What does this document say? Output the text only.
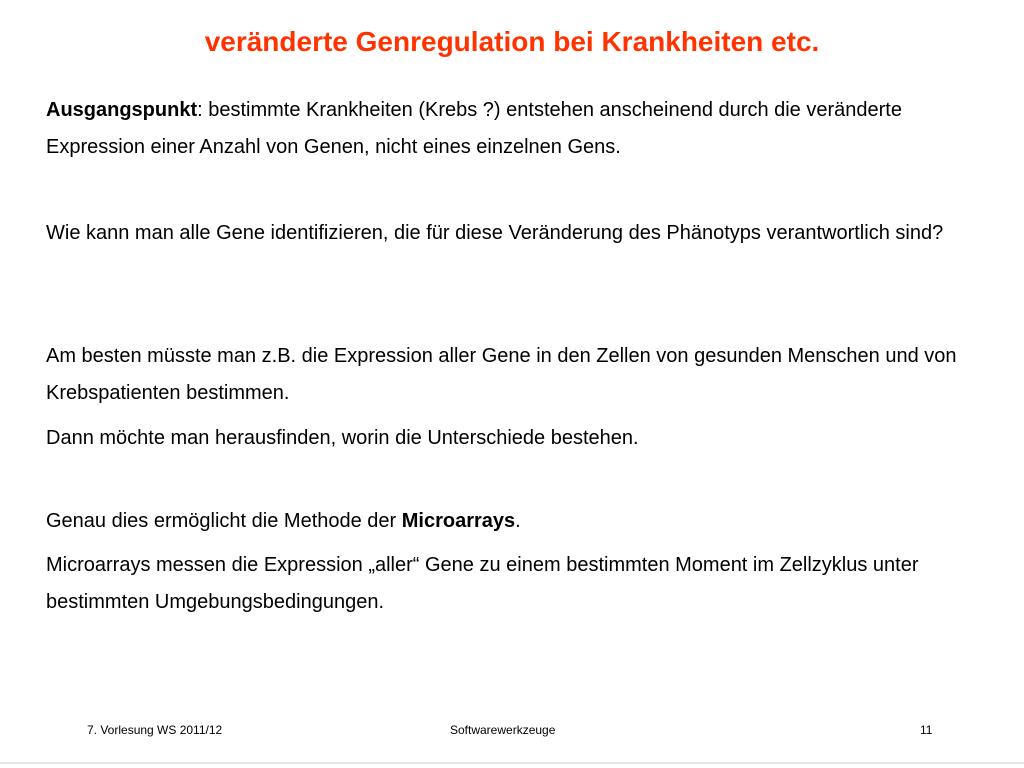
veränderte Genregulation bei Krankheiten etc.

Ausgangspunkt: bestimmte Krankheiten (Krebs ?) entstehen anscheinend durch die veränderte Expression einer Anzahl von Genen, nicht eines einzelnen Gens.

Wie kann man alle Gene identifizieren, die für diese Veränderung des Phänotyps verantwortlich sind?

Am besten müsste man z.B. die Expression aller Gene in den Zellen von gesunden Menschen und von Krebspatienten bestimmen.

Dann möchte man herausfinden, worin die Unterschiede bestehen.

Genau dies ermöglicht die Methode der Microarrays.

Microarrays messen die Expression „aller“ Gene zu einem bestimmten Moment im Zellzyklus unter bestimmten Umgebungsbedingungen.

7. Vorlesung WS 2011/12	Softwarewerkzeuge	11
